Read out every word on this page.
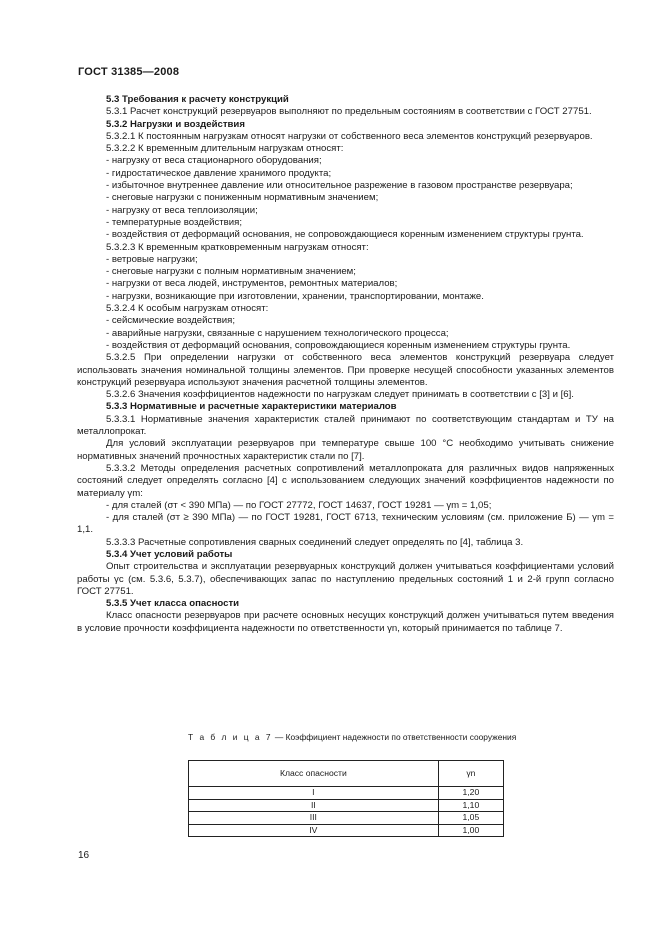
ГОСТ 31385—2008
5.3 Требования к расчету конструкций
5.3.1 Расчет конструкций резервуаров выполняют по предельным состояниям в соответствии с ГОСТ 27751.
5.3.2 Нагрузки и воздействия
5.3.2.1 К постоянным нагрузкам относят нагрузки от собственного веса элементов конструкций резервуаров.
5.3.2.2 К временным длительным нагрузкам относят:
- нагрузку от веса стационарного оборудования;
- гидростатическое давление хранимого продукта;
- избыточное внутреннее давление или относительное разрежение в газовом пространстве резервуара;
- снеговые нагрузки с пониженным нормативным значением;
- нагрузку от веса теплоизоляции;
- температурные воздействия;
- воздействия от деформаций основания, не сопровождающиеся коренным изменением структуры грунта.
5.3.2.3 К временным кратковременным нагрузкам относят:
- ветровые нагрузки;
- снеговые нагрузки с полным нормативным значением;
- нагрузки от веса людей, инструментов, ремонтных материалов;
- нагрузки, возникающие при изготовлении, хранении, транспортировании, монтаже.
5.3.2.4 К особым нагрузкам относят:
- сейсмические воздействия;
- аварийные нагрузки, связанные с нарушением технологического процесса;
- воздействия от деформаций основания, сопровождающиеся коренным изменением структуры грунта.
5.3.2.5 При определении нагрузки от собственного веса элементов конструкций резервуара следует использовать значения номинальной толщины элементов. При проверке несущей способности указанных элементов конструкций резервуара используют значения расчетной толщины элементов.
5.3.2.6 Значения коэффициентов надежности по нагрузкам следует принимать в соответствии с [3] и [6].
5.3.3 Нормативные и расчетные характеристики материалов
5.3.3.1 Нормативные значения характеристик сталей принимают по соответствующим стандартам и ТУ на металлопрокат.
Для условий эксплуатации резервуаров при температуре свыше 100 °С необходимо учитывать снижение нормативных значений прочностных характеристик стали по [7].
5.3.3.2 Методы определения расчетных сопротивлений металлопроката для различных видов напряженных состояний следует определять согласно [4] с использованием следующих значений коэффициентов надежности по материалу γm:
- для сталей (σт < 390 МПа) — по ГОСТ 27772, ГОСТ 14637, ГОСТ 19281 — γm = 1,05;
- для сталей (σт ≥ 390 МПа) — по ГОСТ 19281, ГОСТ 6713, техническим условиям (см. приложение Б) — γm = 1,1.
5.3.3.3 Расчетные сопротивления сварных соединений следует определять по [4], таблица 3.
5.3.4 Учет условий работы
Опыт строительства и эксплуатации резервуарных конструкций должен учитываться коэффициентами условий работы γc (см. 5.3.6, 5.3.7), обеспечивающих запас по наступлению предельных состояний 1 и 2-й групп согласно ГОСТ 27751.
5.3.5 Учет класса опасности
Класс опасности резервуаров при расчете основных несущих конструкций должен учитываться путем введения в условие прочности коэффициента надежности по ответственности γn, который принимается по таблице 7.
Т а б л и ц а 7 — Коэффициент надежности по ответственности сооружения
Класс опасности	γn
I	1,20
II	1,10
III	1,05
IV	1,00
16
